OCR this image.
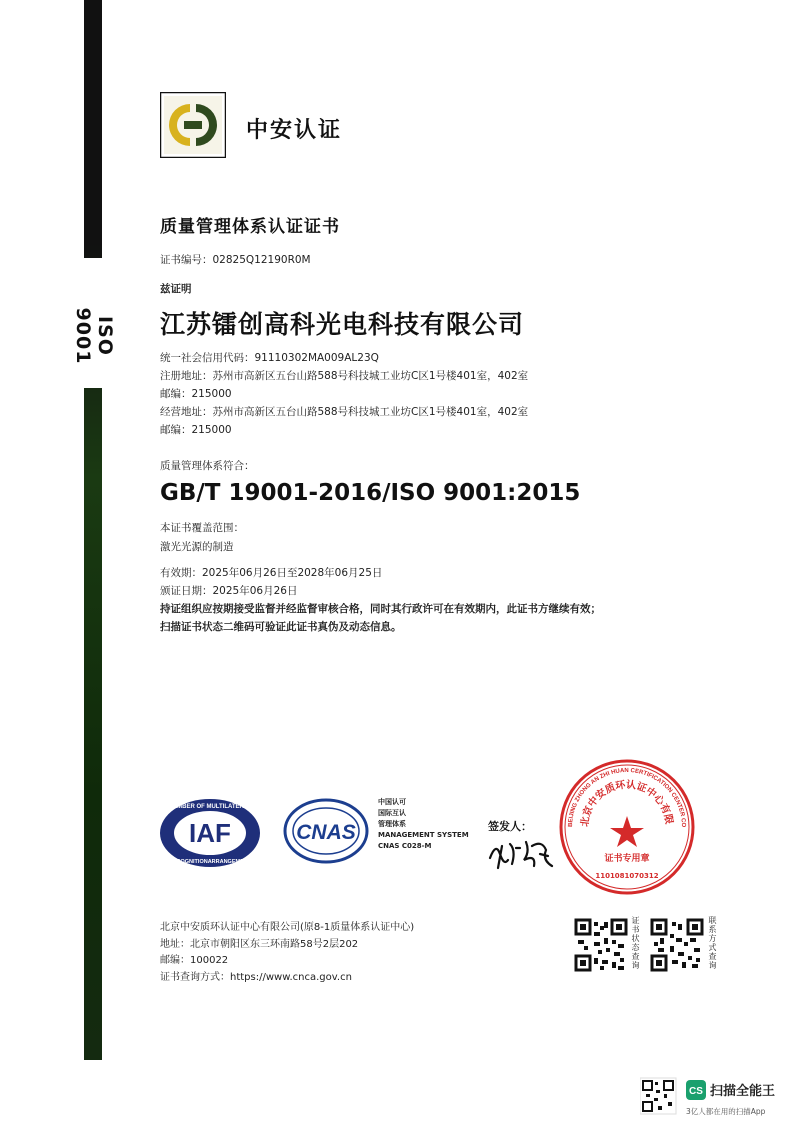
ISO 9001
中安认证
质量管理体系认证证书
证书编号：02825Q12190R0M
兹证明
江苏镭创高科光电科技有限公司
统一社会信用代码：91110302MA009AL23Q
注册地址：苏州市高新区五台山路588号科技城工业坊C区1号楼401室，402室
邮编：215000
经营地址：苏州市高新区五台山路588号科技城工业坊C区1号楼401室，402室
邮编：215000
质量管理体系符合：
GB/T 19001-2016/ISO 9001:2015
本证书覆盖范围：
激光光源的制造
有效期：2025年06月26日至2028年06月25日
颁证日期：2025年06月26日
持证组织应按期接受监督并经监督审核合格，同时其行政许可在有效期内，此证书方继续有效；
扫描证书状态二维码可验证此证书真伪及动态信息。
IAF
MEMBER OF MULTILATERAL
RECOGNITIONARRANGEMENT
CNAS
中国认可
国际互认
管理体系
MANAGEMENT SYSTEM
CNAS C028-M
签发人：	BEIJING ZHONG AN ZHI HUAN CERTIFICATION CENTER CO
北京中安质环认证中心有限
证书专用章
1101081070312
北京中安质环认证中心有限公司(原8-1质量体系认证中心)
地址：北京市朝阳区东三环南路58号2层202
邮编：100022
证书查询方式：https://www.cnca.gov.cn
证书状态查询
联系方式查询
CS 扫描全能王
3亿人都在用的扫描App
